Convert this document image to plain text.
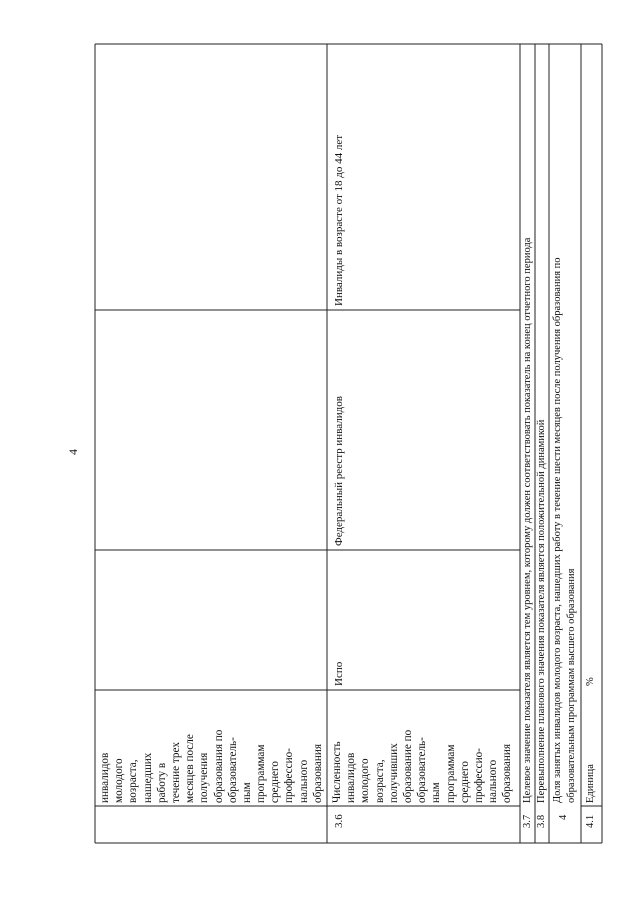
4
инвалидов молодого возраста, нашедших работу в течение трех месяцев после получения образования по образователь- ным программам среднего профессио- нального образования
3.6
Численность инвалидов молодого возраста, получивших образование по образователь- ным программам среднего профессио- нального образования
Иcпo
Федеральный реестр инвалидов
Инвалиды в возрасте от 18 до 44 лет
3.7
Целевое значение показателя является тем уровнем, которому должен соответствовать показатель на конец отчетного периода
3.8
Перевыполнение планового значения показателя является положительной динамикой
4
Доля занятых инвалидов молодого возраста, нашедших работу в течение шести месяцев после получения образования по образовательным программам высшего образования
4.1
Единица
%
